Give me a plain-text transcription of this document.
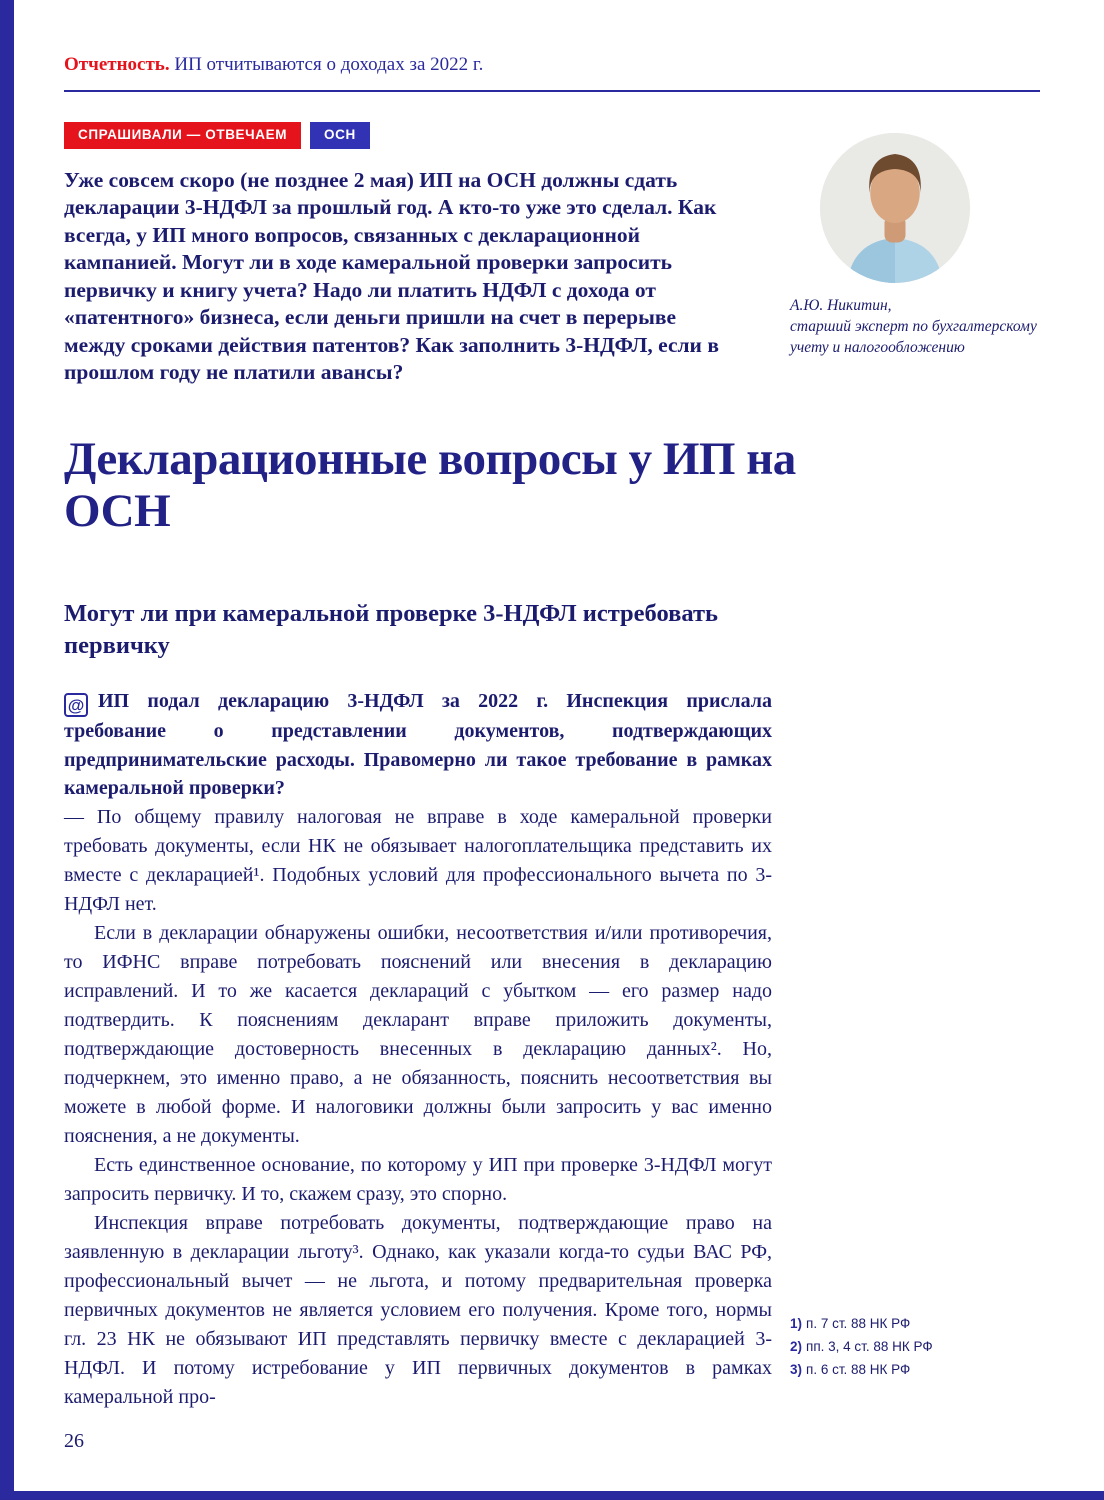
Отчетность. ИП отчитываются о доходах за 2022 г.
СПРАШИВАЛИ — ОТВЕЧАЕМ	ОСН

Уже совсем скоро (не позднее 2 мая) ИП на ОСН должны сдать декларации 3-НДФЛ за прошлый год. А кто-то уже это сделал. Как всегда, у ИП много вопросов, связанных с декларационной кампанией. Могут ли в ходе камеральной проверки запросить первичку и книгу учета? Надо ли платить НДФЛ с дохода от «патентного» бизнеса, если деньги пришли на счет в перерыве между сроками действия патентов? Как заполнить 3-НДФЛ, если в прошлом году не платили авансы?

Декларационные вопросы у ИП на ОСН
Могут ли при камеральной проверке 3-НДФЛ истребовать первичку

@ ИП подал декларацию 3-НДФЛ за 2022 г. Инспекция прислала требование о представлении документов, подтверждающих предпринимательские расходы. Правомерно ли такое требование в рамках камеральной проверки?

— По общему правилу налоговая не вправе в ходе камеральной проверки требовать документы, если НК не обязывает налогоплательщика представить их вместе с декларацией¹. Подобных условий для профессионального вычета по 3-НДФЛ нет.

Если в декларации обнаружены ошибки, несоответствия и/или противоречия, то ИФНС вправе потребовать пояснений или внесения в декларацию исправлений. И то же касается деклараций с убытком — его размер надо подтвердить. К пояснениям декларант вправе приложить документы, подтверждающие достоверность внесенных в декларацию данных². Но, подчеркнем, это именно право, а не обязанность, пояснить несоответствия вы можете в любой форме. И налоговики должны были запросить у вас именно пояснения, а не документы.

Есть единственное основание, по которому у ИП при проверке 3-НДФЛ могут запросить первичку. И то, скажем сразу, это спорно.

Инспекция вправе потребовать документы, подтверждающие право на заявленную в декларации льготу³. Однако, как указали когда-то судьи ВАС РФ, профессиональный вычет — не льгота, и потому предварительная проверка первичных документов не является условием его получения. Кроме того, нормы гл. 23 НК не обязывают ИП представлять первичку вместе с декларацией 3-НДФЛ. И потому истребование у ИП первичных документов в рамках камеральной про-

А.Ю. Никитин,
старший эксперт по бухгалтерскому учету и налогообложению
1) п. 7 ст. 88 НК РФ
2) пп. 3, 4 ст. 88 НК РФ
3) п. 6 ст. 88 НК РФ
26
